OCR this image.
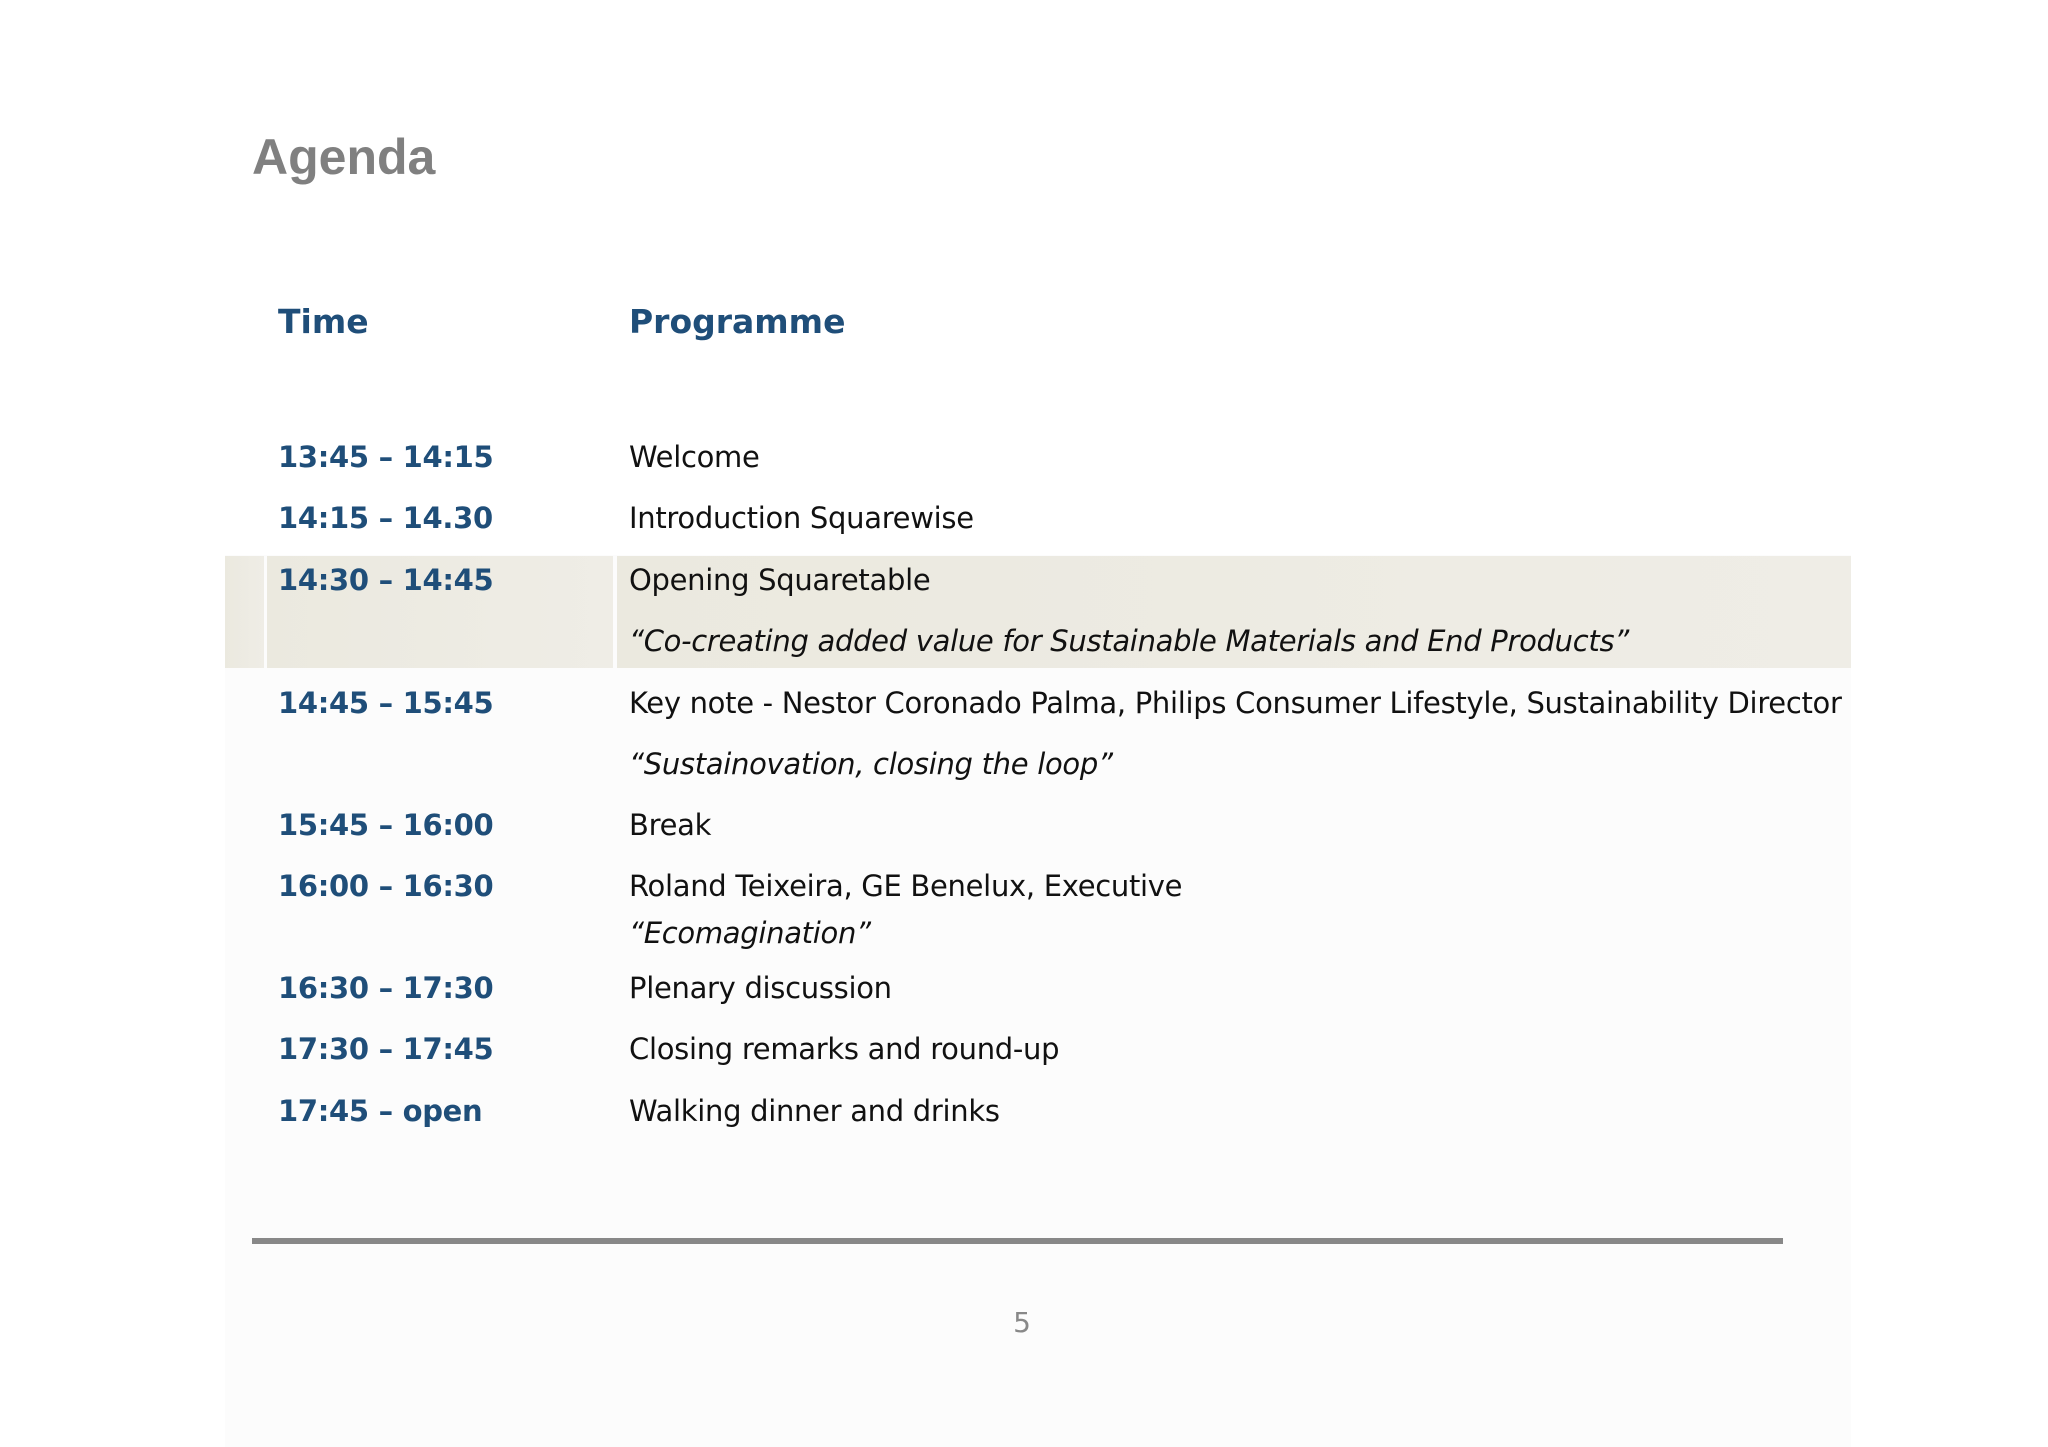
Agenda
Time	Programme
13:45 – 14:15	Welcome
14:15 – 14.30	Introduction Squarewise
14:30 – 14:45	Opening Squaretable
“Co-creating added value for Sustainable Materials and End Products”
14:45 – 15:45	Key note - Nestor Coronado Palma, Philips Consumer Lifestyle, Sustainability Director
“Sustainovation, closing the loop”
15:45 – 16:00	Break
16:00 – 16:30	Roland Teixeira, GE Benelux, Executive
“Ecomagination”
16:30 – 17:30	Plenary discussion
17:30 – 17:45	Closing remarks and round-up
17:45 – open	Walking dinner and drinks
5
